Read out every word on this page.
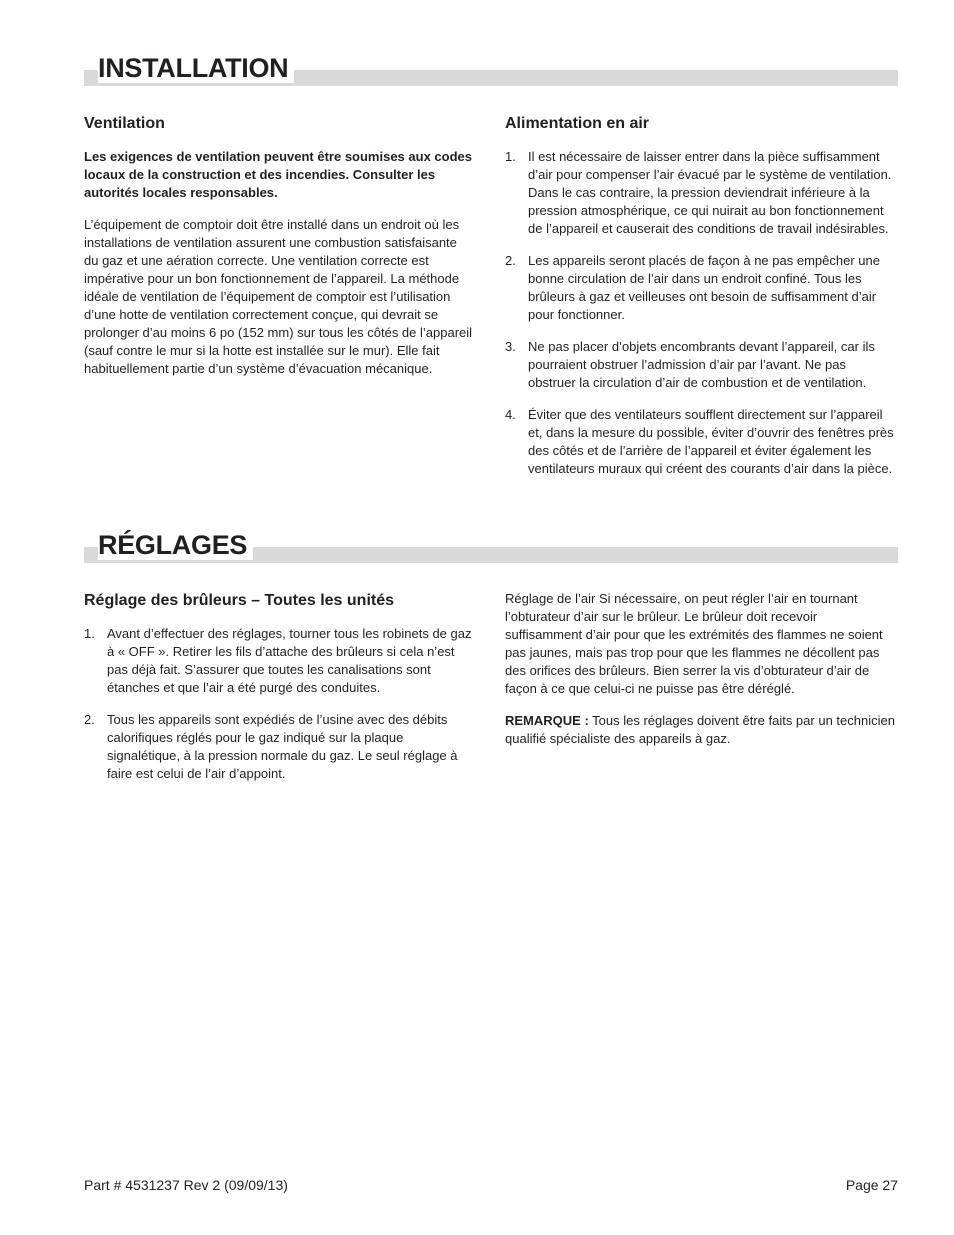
INSTALLATION
Ventilation

Les exigences de ventilation peuvent être soumises aux codes locaux de la construction et des incendies. Consulter les autorités locales responsables.

L’équipement de comptoir doit être installé dans un endroit où les installations de ventilation assurent une combustion satisfaisante du gaz et une aération correcte. Une ventilation correcte est impérative pour un bon fonctionnement de l’appareil. La méthode idéale de ventilation de l’équipement de comptoir est l’utilisation d’une hotte de ventilation correctement conçue, qui devrait se prolonger d’au moins 6 po (152 mm) sur tous les côtés de l’appareil (sauf contre le mur si la hotte est installée sur le mur). Elle fait habituellement partie d’un système d’évacuation mécanique.

Alimentation en air
1. Il est nécessaire de laisser entrer dans la pièce suffisamment d’air pour compenser l’air évacué par le système de ventilation. Dans le cas contraire, la pression deviendrait inférieure à la pression atmosphérique, ce qui nuirait au bon fonctionnement de l’appareil et causerait des conditions de travail indésirables.
2. Les appareils seront placés de façon à ne pas empêcher une bonne circulation de l’air dans un endroit confiné. Tous les brûleurs à gaz et veilleuses ont besoin de suffisamment d’air pour fonctionner.
3. Ne pas placer d’objets encombrants devant l’appareil, car ils pourraient obstruer l’admission d’air par l’avant. Ne pas obstruer la circulation d’air de combustion et de ventilation.
4. Éviter que des ventilateurs soufflent directement sur l’appareil et, dans la mesure du possible, éviter d’ouvrir des fenêtres près des côtés et de l’arrière de l’appareil et éviter également les ventilateurs muraux qui créent des courants d’air dans la pièce.
RÉGLAGES
Réglage des brûleurs – Toutes les unités
1. Avant d’effectuer des réglages, tourner tous les robinets de gaz à « OFF ». Retirer les fils d’attache des brûleurs si cela n’est pas déjà fait. S’assurer que toutes les canalisations sont étanches et que l’air a été purgé des conduites.
2. Tous les appareils sont expédiés de l’usine avec des débits calorifiques réglés pour le gaz indiqué sur la plaque signalétique, à la pression normale du gaz. Le seul réglage à faire est celui de l’air d’appoint.

Réglage de l’air Si nécessaire, on peut régler l’air en tournant l’obturateur d’air sur le brûleur. Le brûleur doit recevoir suffisamment d’air pour que les extrémités des flammes ne soient pas jaunes, mais pas trop pour que les flammes ne décollent pas des orifices des brûleurs. Bien serrer la vis d’obturateur d’air de façon à ce que celui-ci ne puisse pas être déréglé.

REMARQUE : Tous les réglages doivent être faits par un technicien qualifié spécialiste des appareils à gaz.

Part # 4531237 Rev 2 (09/09/13)	Page 27
